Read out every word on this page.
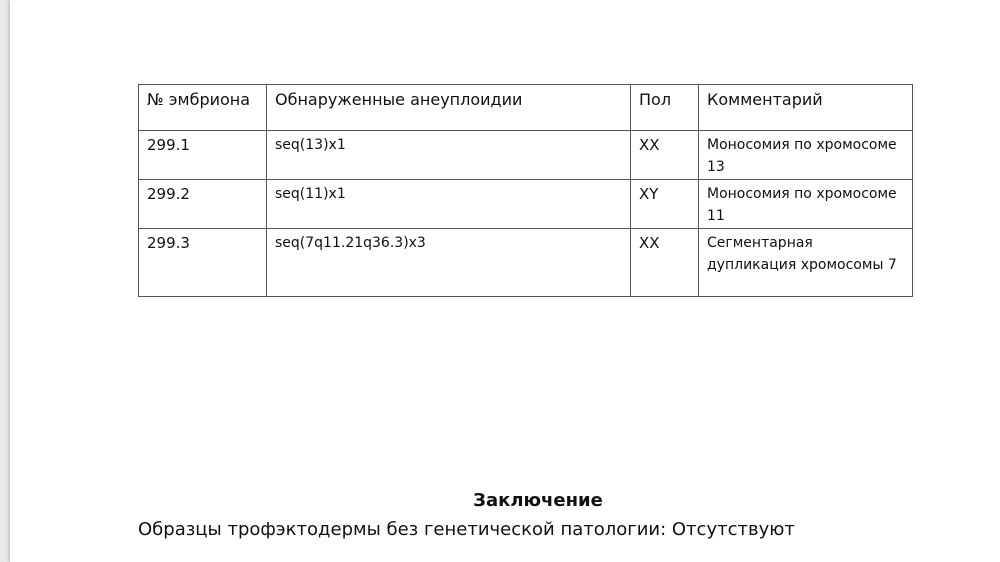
№ эмбриона	Обнаруженные анеуплоидии	Пол	Комментарий
299.1	seq(13)x1	XX	Моносомия по хромосоме 13
299.2	seq(11)x1	XY	Моносомия по хромосоме 11
299.3	seq(7q11.21q36.3)x3	XX	Сегментарная дупликация хромосомы 7
Заключение

Образцы трофэктодермы без генетической патологии: Отсутствуют
